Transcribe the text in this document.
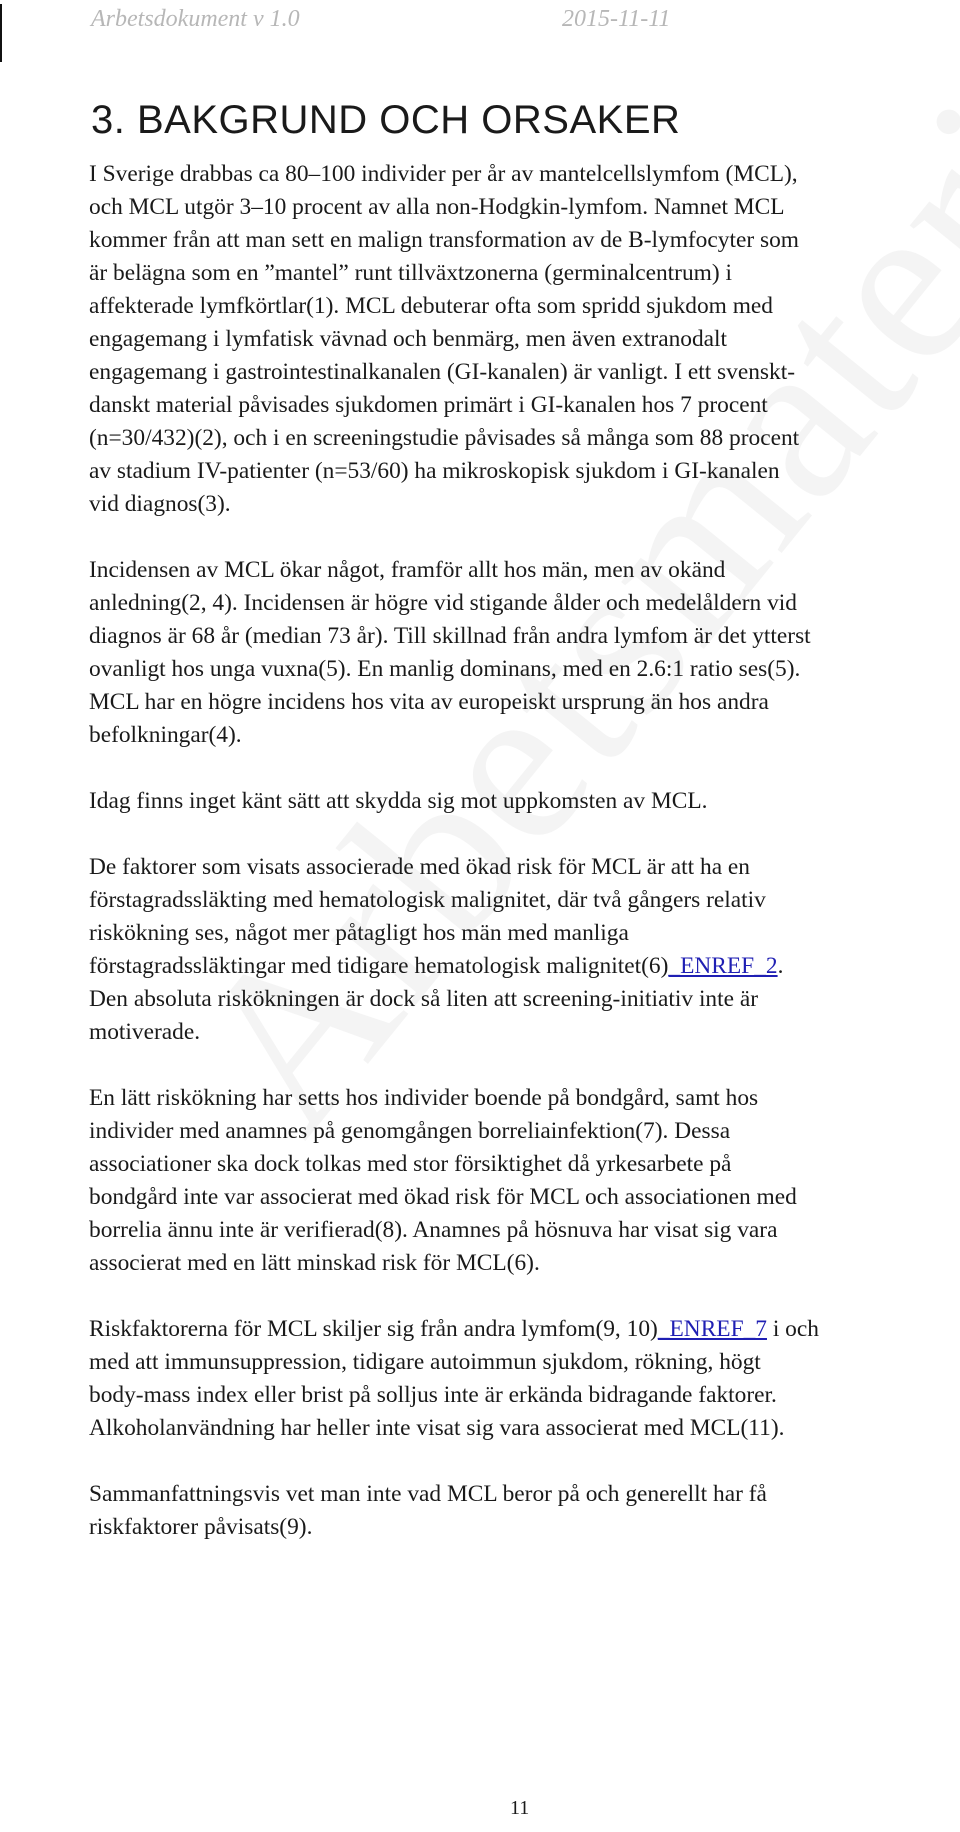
Arbetsdokument v 1.0	2015-11-11
3. BAKGRUND OCH ORSAKER

I Sverige drabbas ca 80–100 individer per år av mantelcellslymfom (MCL),
och MCL utgör 3–10 procent av alla non-Hodgkin-lymfom. Namnet MCL
kommer från att man sett en malign transformation av de B-lymfocyter som
är belägna som en ”mantel” runt tillväxtzonerna (germinalcentrum) i
affekterade lymfkörtlar(1). MCL debuterar ofta som spridd sjukdom med
engagemang i lymfatisk vävnad och benmärg, men även extranodalt
engagemang i gastrointestinalkanalen (GI-kanalen) är vanligt. I ett svenskt-
danskt material påvisades sjukdomen primärt i GI-kanalen hos 7 procent
(n=30/432)(2), och i en screeningstudie påvisades så många som 88 procent
av stadium IV-patienter (n=53/60) ha mikroskopisk sjukdom i GI-kanalen
vid diagnos(3).

Incidensen av MCL ökar något, framför allt hos män, men av okänd
anledning(2, 4). Incidensen är högre vid stigande ålder och medelåldern vid
diagnos är 68 år (median 73 år). Till skillnad från andra lymfom är det ytterst
ovanligt hos unga vuxna(5). En manlig dominans, med en 2.6:1 ratio ses(5).
MCL har en högre incidens hos vita av europeiskt ursprung än hos andra
befolkningar(4).

Idag finns inget känt sätt att skydda sig mot uppkomsten av MCL.

De faktorer som visats associerade med ökad risk för MCL är att ha en
förstagradssläkting med hematologisk malignitet, där två gångers relativ
riskökning ses, något mer påtagligt hos män med manliga
förstagradssläktingar med tidigare hematologisk malignitet(6)_ENREF_2.
Den absoluta riskökningen är dock så liten att screening-initiativ inte är
motiverade.

En lätt riskökning har setts hos individer boende på bondgård, samt hos
individer med anamnes på genomgången borreliainfektion(7). Dessa
associationer ska dock tolkas med stor försiktighet då yrkesarbete på
bondgård inte var associerat med ökad risk för MCL och associationen med
borrelia ännu inte är verifierad(8). Anamnes på hösnuva har visat sig vara
associerat med en lätt minskad risk för MCL(6).

Riskfaktorerna för MCL skiljer sig från andra lymfom(9, 10)_ENREF_7 i och
med att immunsuppression, tidigare autoimmun sjukdom, rökning, högt
body-mass index eller brist på solljus inte är erkända bidragande faktorer.
Alkoholanvändning har heller inte visat sig vara associerat med MCL(11).

Sammanfattningsvis vet man inte vad MCL beror på och generellt har få
riskfaktorer påvisats(9).

11
